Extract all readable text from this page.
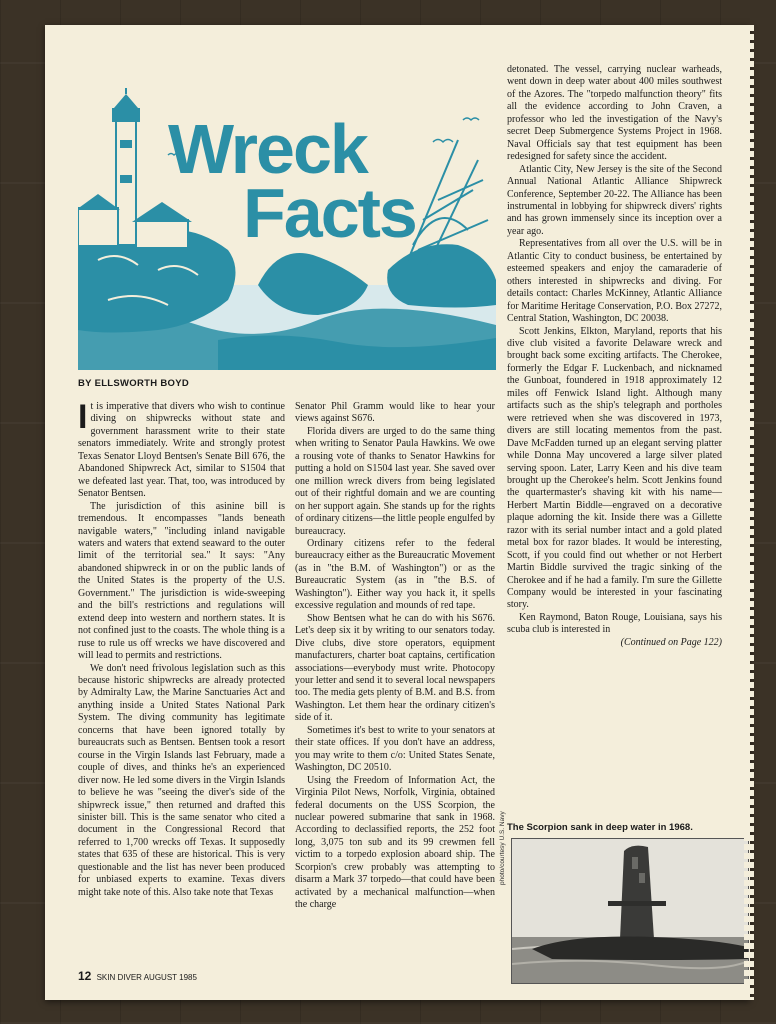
Wreck
Facts
BY ELLSWORTH BOYD

It is imperative that divers who wish to continue diving on shipwrecks without state and government harassment write to their state senators immediately. Write and strongly protest Texas Senator Lloyd Bentsen's Senate Bill 676, the Abandoned Shipwreck Act, similar to S1504 that we defeated last year. That, too, was introduced by Senator Bentsen.

The jurisdiction of this asinine bill is tremendous. It encompasses "lands beneath navigable waters," "including inland navigable waters and waters that extend seaward to the outer limit of the territorial sea." It says: "Any abandoned shipwreck in or on the public lands of the United States is the property of the U.S. Government." The jurisdiction is wide-sweeping and the bill's restrictions and regulations will extend deep into western and northern states. It is not confined just to the coasts. The whole thing is a ruse to rule us off wrecks we have discovered and will lead to permits and restrictions.

We don't need frivolous legislation such as this because historic shipwrecks are already protected by Admiralty Law, the Marine Sanctuaries Act and anything inside a United States National Park System. The diving community has legitimate concerns that have been ignored totally by bureaucrats such as Bentsen. Bentsen took a resort course in the Virgin Islands last February, made a couple of dives, and thinks he's an experienced diver now. He led some divers in the Virgin Islands to believe he was "seeing the diver's side of the shipwreck issue," then returned and drafted this sinister bill. This is the same senator who cited a document in the Congressional Record that referred to 1,700 wrecks off Texas. It supposedly states that 635 of these are historical. This is very questionable and the list has never been produced for unbiased experts to examine. Texas divers might take note of this. Also take note that Texas

Senator Phil Gramm would like to hear your views against S676.

Florida divers are urged to do the same thing when writing to Senator Paula Hawkins. We owe a rousing vote of thanks to Senator Hawkins for putting a hold on S1504 last year. She saved over one million wreck divers from being legislated out of their rightful domain and we are counting on her support again. She stands up for the rights of ordinary citizens—the little people engulfed by bureaucracy.

Ordinary citizens refer to the federal bureaucracy either as the Bureaucratic Movement (as in "the B.M. of Washington") or as the Bureaucratic System (as in "the B.S. of Washington"). Either way you hack it, it spells excessive regulation and mounds of red tape.

Show Bentsen what he can do with his S676. Let's deep six it by writing to our senators today. Dive clubs, dive store operators, equipment manufacturers, charter boat captains, certification associations—everybody must write. Photocopy your letter and send it to several local newspapers too. The media gets plenty of B.M. and B.S. from Washington. Let them hear the ordinary citizen's side of it.

Sometimes it's best to write to your senators at their state offices. If you don't have an address, you may write to them c/o: United States Senate, Washington, DC 20510.

Using the Freedom of Information Act, the Virginia Pilot News, Norfolk, Virginia, obtained federal documents on the USS Scorpion, the nuclear powered submarine that sank in 1968. According to declassified reports, the 252 foot long, 3,075 ton sub and its 99 crewmen fell victim to a torpedo explosion aboard ship. The Scorpion's crew probably was attempting to disarm a Mark 37 torpedo—that could have been activated by a mechanical malfunction—when the charge

detonated. The vessel, carrying nuclear warheads, went down in deep water about 400 miles southwest of the Azores. The "torpedo malfunction theory" fits all the evidence according to John Craven, a professor who led the investigation of the Navy's secret Deep Submergence Systems Project in 1968. Naval Officials say that test equipment has been redesigned for safety since the accident.

Atlantic City, New Jersey is the site of the Second Annual National Atlantic Alliance Shipwreck Conference, September 20-22. The Alliance has been instrumental in lobbying for shipwreck divers' rights and has grown immensely since its inception over a year ago.

Representatives from all over the U.S. will be in Atlantic City to conduct business, be entertained by esteemed speakers and enjoy the camaraderie of others interested in shipwrecks and diving. For details contact: Charles McKinney, Atlantic Alliance for Maritime Heritage Conservation, P.O. Box 27272, Central Station, Washington, DC 20038.

Scott Jenkins, Elkton, Maryland, reports that his dive club visited a favorite Delaware wreck and brought back some exciting artifacts. The Cherokee, formerly the Edgar F. Luckenbach, and nicknamed the Gunboat, foundered in 1918 approximately 12 miles off Fenwick Island light. Although many artifacts such as the ship's telegraph and portholes were retrieved when she was discovered in 1973, divers are still locating mementos from the past. Dave McFadden turned up an elegant serving platter while Donna May uncovered a large silver plated serving spoon. Later, Larry Keen and his dive team brought up the Cherokee's helm. Scott Jenkins found the quartermaster's shaving kit with his name—Herbert Martin Biddle—engraved on a decorative plaque adorning the kit. Inside there was a Gillette razor with its serial number intact and a gold plated metal box for razor blades. It would be interesting, Scott, if you could find out whether or not Herbert Martin Biddle survived the tragic sinking of the Cherokee and if he had a family. I'm sure the Gillette Company would be interested in your fascinating story.

Ken Raymond, Baton Rouge, Louisiana, says his scuba club is interested in

(Continued on Page 122)

The Scorpion sank in deep water in 1968.
photo/courtesy U.S. Navy
12 SKIN DIVER AUGUST 1985
